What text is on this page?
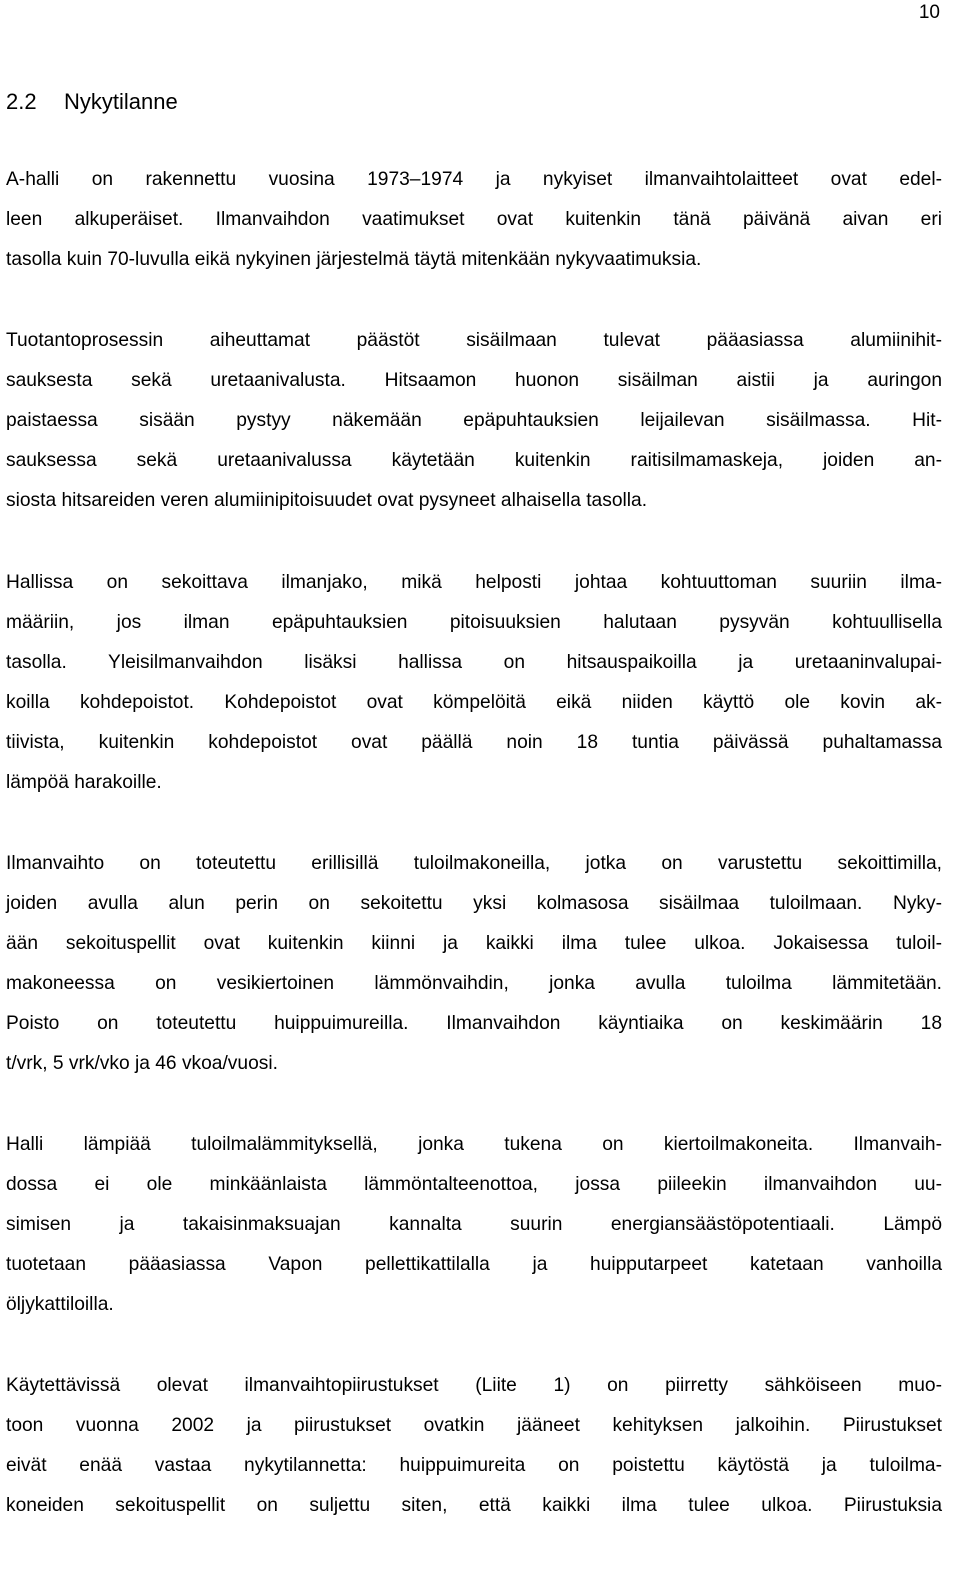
10
2.2 Nykytilanne

A-halli on rakennettu vuosina 1973–1974 ja nykyiset ilmanvaihtolaitteet ovat edel-
leen alkuperäiset. Ilmanvaihdon vaatimukset ovat kuitenkin tänä päivänä aivan eri
tasolla kuin 70-luvulla eikä nykyinen järjestelmä täytä mitenkään nykyvaatimuksia.

Tuotantoprosessin aiheuttamat päästöt sisäilmaan tulevat pääasiassa alumiinihit-
sauksesta sekä uretaanivalusta. Hitsaamon huonon sisäilman aistii ja auringon
paistaessa sisään pystyy näkemään epäpuhtauksien leijailevan sisäilmassa. Hit-
sauksessa sekä uretaanivalussa käytetään kuitenkin raitisilmamaskeja, joiden an-
siosta hitsareiden veren alumiinipitoisuudet ovat pysyneet alhaisella tasolla.

Hallissa on sekoittava ilmanjako, mikä helposti johtaa kohtuuttoman suuriin ilma-
määriin, jos ilman epäpuhtauksien pitoisuuksien halutaan pysyvän kohtuullisella
tasolla. Yleisilmanvaihdon lisäksi hallissa on hitsauspaikoilla ja uretaaninvalupai-
koilla kohdepoistot. Kohdepoistot ovat kömpelöitä eikä niiden käyttö ole kovin ak-
tiivista, kuitenkin kohdepoistot ovat päällä noin 18 tuntia päivässä puhaltamassa
lämpöä harakoille.

Ilmanvaihto on toteutettu erillisillä tuloilmakoneilla, jotka on varustettu sekoittimilla,
joiden avulla alun perin on sekoitettu yksi kolmasosa sisäilmaa tuloilmaan. Nyky-
ään sekoituspellit ovat kuitenkin kiinni ja kaikki ilma tulee ulkoa. Jokaisessa tuloil-
makoneessa on vesikiertoinen lämmönvaihdin, jonka avulla tuloilma lämmitetään.
Poisto on toteutettu huippuimureilla. Ilmanvaihdon käyntiaika on keskimäärin 18
t/vrk, 5 vrk/vko ja 46 vkoa/vuosi.

Halli lämpiää tuloilmalämmityksellä, jonka tukena on kiertoilmakoneita. Ilmanvaih-
dossa ei ole minkäänlaista lämmöntalteenottoa, jossa piileekin ilmanvaihdon uu-
simisen ja takaisinmaksuajan kannalta suurin energiansäästöpotentiaali. Lämpö
tuotetaan pääasiassa Vapon pellettikattilalla ja huipputarpeet katetaan vanhoilla
öljykattiloilla.

Käytettävissä olevat ilmanvaihtopiirustukset (Liite 1) on piirretty sähköiseen muo-
toon vuonna 2002 ja piirustukset ovatkin jääneet kehityksen jalkoihin. Piirustukset
eivät enää vastaa nykytilannetta: huippuimureita on poistettu käytöstä ja tuloilma-
koneiden sekoituspellit on suljettu siten, että kaikki ilma tulee ulkoa. Piirustuksia
